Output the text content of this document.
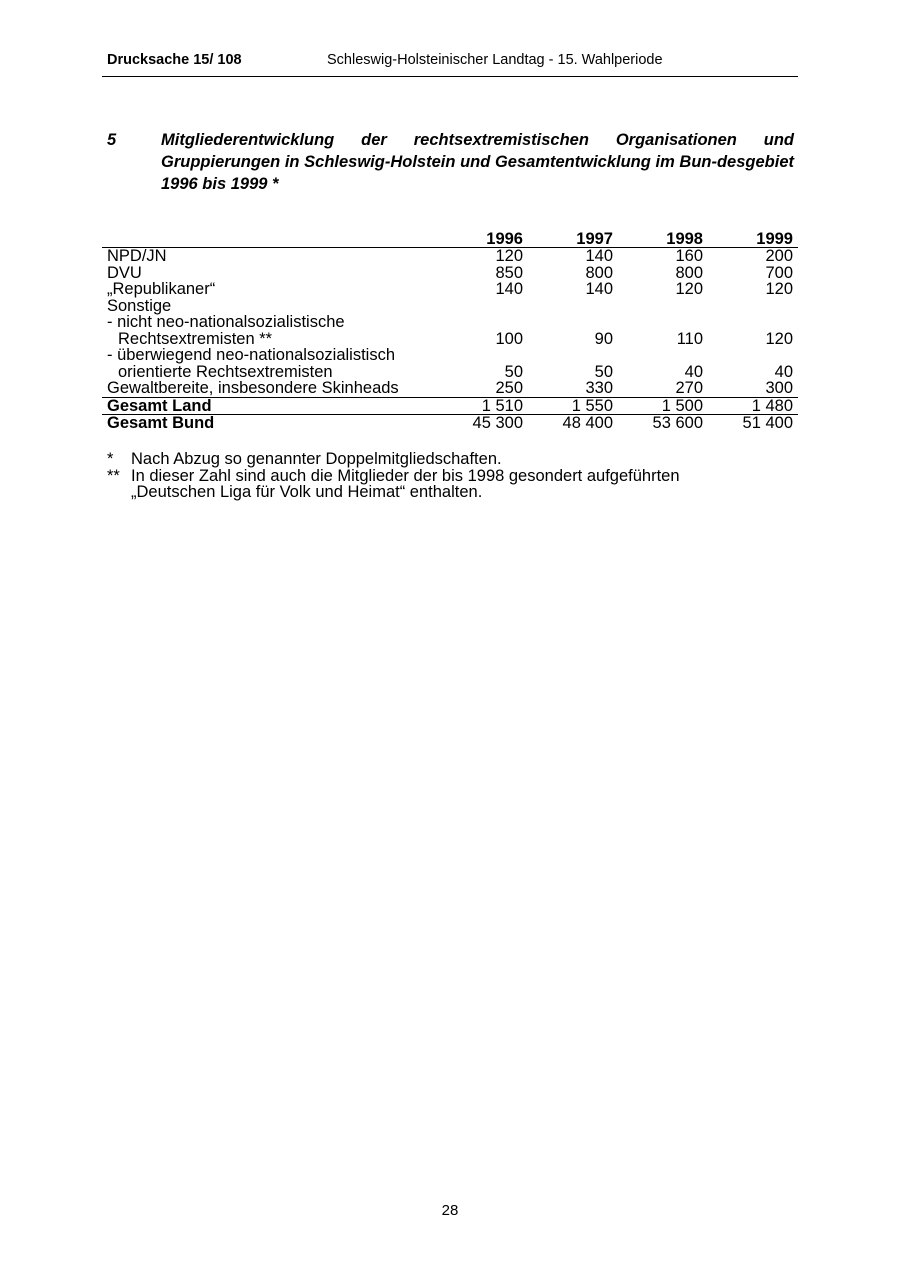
Drucksache 15/ 108	Schleswig-Holsteinischer Landtag - 15. Wahlperiode
5	Mitgliederentwicklung der rechtsextremistischen Organisationen und Gruppierungen in Schleswig-Holstein und Gesamtentwicklung im Bun-desgebiet 1996 bis 1999 *
	1996	1997	1998	1999
NPD/JN	120	140	160	200
DVU	850	800	800	700
„Republikaner“	140	140	120	120
Sonstige				
- nicht neo-nationalsozialistische				
Rechtsextremisten **	100	90	110	120
- überwiegend neo-nationalsozialistisch				
orientierte Rechtsextremisten	50	50	40	40
Gewaltbereite, insbesondere Skinheads	250	330	270	300
Gesamt Land	1 510	1 550	1 500	1 480
Gesamt Bund	45 300	48 400	53 600	51 400
* Nach Abzug so genannter Doppelmitgliedschaften.
** In dieser Zahl sind auch die Mitglieder der bis 1998 gesondert aufgeführten
„Deutschen Liga für Volk und Heimat“ enthalten.
28
